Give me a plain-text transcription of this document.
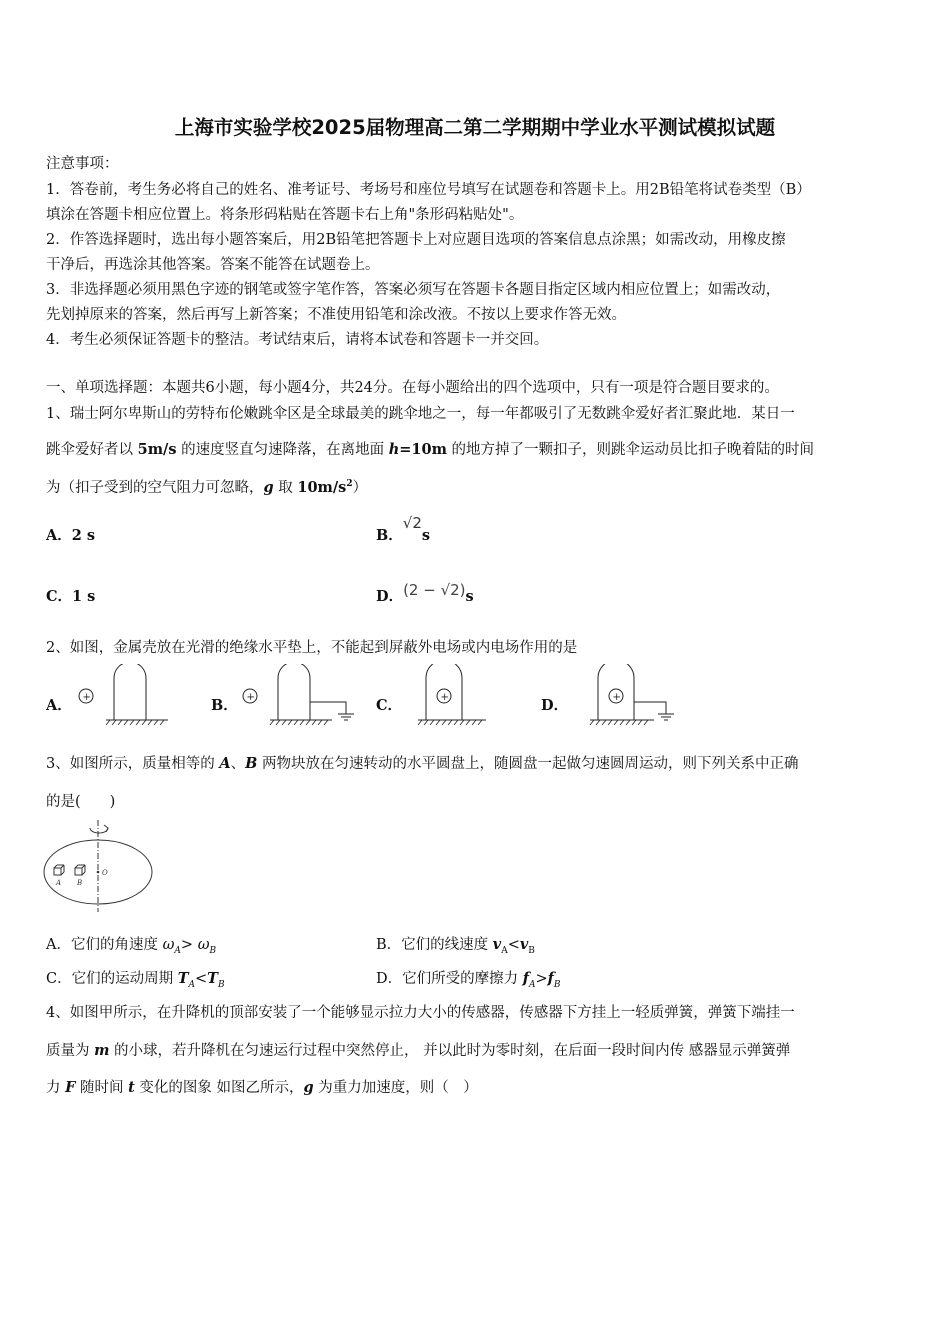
上海市实验学校2025届物理高二第二学期期中学业水平测试模拟试题
注意事项：
1．答卷前，考生务必将自己的姓名、准考证号、考场号和座位号填写在试题卷和答题卡上。用2B铅笔将试卷类型（B）
填涂在答题卡相应位置上。将条形码粘贴在答题卡右上角"条形码粘贴处"。
2．作答选择题时，选出每小题答案后，用2B铅笔把答题卡上对应题目选项的答案信息点涂黑；如需改动，用橡皮擦
干净后，再选涂其他答案。答案不能答在试题卷上。
3．非选择题必须用黑色字迹的钢笔或签字笔作答，答案必须写在答题卡各题目指定区域内相应位置上；如需改动，
先划掉原来的答案，然后再写上新答案；不准使用铅笔和涂改液。不按以上要求作答无效。
4．考生必须保证答题卡的整洁。考试结束后，请将本试卷和答题卡一并交回。
一、单项选择题：本题共6小题，每小题4分，共24分。在每小题给出的四个选项中，只有一项是符合题目要求的。
1、瑞士阿尔卑斯山的劳特布伦嫩跳伞区是全球最美的跳伞地之一，每一年都吸引了无数跳伞爱好者汇聚此地．某日一
跳伞爱好者以 5m/s 的速度竖直匀速降落，在离地面 h=10m 的地方掉了一颗扣子，则跳伞运动员比扣子晚着陆的时间
为（扣子受到的空气阻力可忽略，g 取 $10m/s^2$）
A．2 s	B．√2s
C．1 s	D．(2 − √2)s
2、如图，金属壳放在光滑的绝缘水平垫上，不能起到屏蔽外电场或内电场作用的是
A．	B．	C．	D．
+	+	+	+
3、如图所示，质量相等的 A、B 两物块放在匀速转动的水平圆盘上，随圆盘一起做匀速圆周运动，则下列关系中正确
的是(　　)
A B
O
A．它们的角速度 $\omega_A> \omega_B$	B．它们的线速度 $v_A<v_B$
C．它们的运动周期 $T_A<T_B$	D．它们所受的摩擦力 $f_A>f_B$
4、如图甲所示，在升降机的顶部安装了一个能够显示拉力大小的传感器，传感器下方挂上一轻质弹簧，弹簧下端挂一
质量为 m 的小球，若升降机在匀速运行过程中突然停止， 并以此时为零时刻，在后面一段时间内传 感器显示弹簧弹
力 F 随时间 t 变化的图象 如图乙所示，g 为重力加速度，则（　）
